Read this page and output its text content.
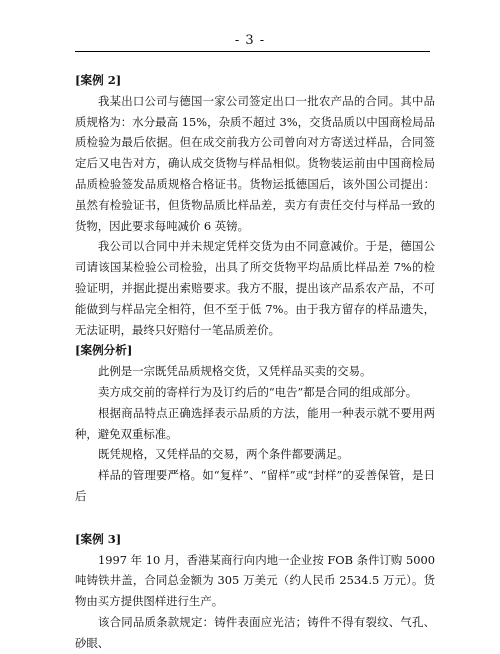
- 3 -
[案例 2]

我某出口公司与德国一家公司签定出口一批农产品的合同。其中品质规格为：水分最高 15%，杂质不超过 3%，交货品质以中国商检局品质检验为最后依据。但在成交前我方公司曾向对方寄送过样品，合同签定后又电告对方，确认成交货物与样品相似。货物装运前由中国商检局品质检验签发品质规格合格证书。货物运抵德国后，该外国公司提出：虽然有检验证书，但货物品质比样品差，卖方有责任交付与样品一致的货物，因此要求每吨减价 6 英镑。

我公司以合同中并未规定凭样交货为由不同意减价。于是，德国公司请该国某检验公司检验，出具了所交货物平均品质比样品差 7%的检验证明，并据此提出索赔要求。我方不服，提出该产品系农产品，不可能做到与样品完全相符，但不至于低 7%。由于我方留存的样品遗失，无法证明，最终只好赔付一笔品质差价。

[案例分析]

此例是一宗既凭品质规格交货，又凭样品买卖的交易。

卖方成交前的寄样行为及订约后的“电告”都是合同的组成部分。

根据商品特点正确选择表示品质的方法，能用一种表示就不要用两种，避免双重标准。

既凭规格，又凭样品的交易，两个条件都要满足。

样品的管理要严格。如“复样”、“留样”或“封样”的妥善保管，是日后

[案例 3]

1997 年 10 月，香港某商行向内地一企业按 FOB 条件订购 5000 吨铸铁井盖，合同总金额为 305 万美元（约人民币 2534.5 万元）。货物由买方提供图样进行生产。

该合同品质条款规定：铸件表面应光洁；铸件不得有裂纹、气孔、砂眼、
